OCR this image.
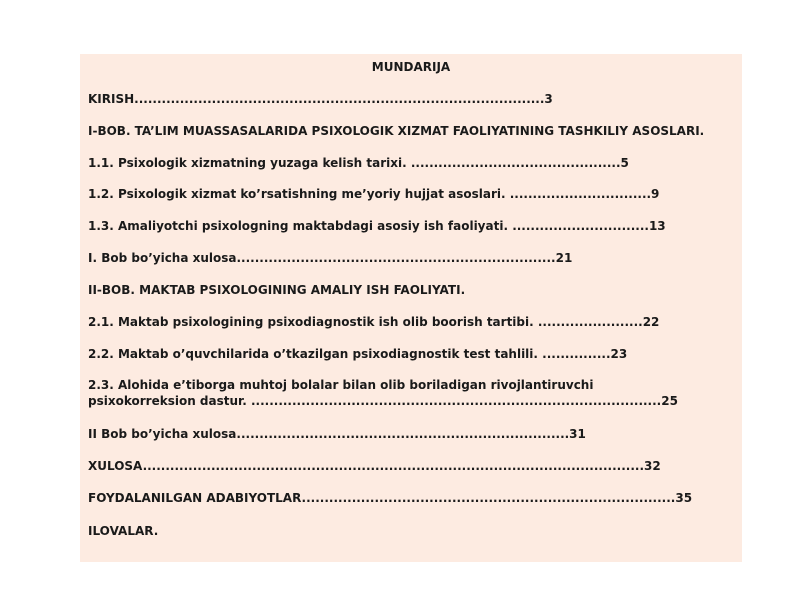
MUNDARIJA
KIRISH..........................................................................................3
I-BOB. TA’LIM MUASSASALARIDA PSIXOLOGIK XIZMAT FAOLIYATINING TASHKILIY ASOSLARI.
1.1. Psixologik xizmatning yuzaga kelish tarixi. ..............................................5
1.2. Psixologik xizmat ko’rsatishning me’yoriy hujjat asoslari. ...............................9
1.3. Amaliyotchi psixologning maktabdagi asosiy ish faoliyati. ..............................13
I. Bob bo’yicha xulosa......................................................................21
II-BOB. MAKTAB PSIXOLOGINING AMALIY ISH FAOLIYATI.
2.1. Maktab psixologining psixodiagnostik ish olib boorish tartibi. .......................22
2.2. Maktab o’quvchilarida o’tkazilgan psixodiagnostik test tahlili. ...............23
2.3. Alohida e’tiborga muhtoj bolalar bilan olib boriladigan rivojlantiruvchi psixokorreksion dastur. ..........................................................................................25
II Bob bo’yicha xulosa.........................................................................31
XULOSA..............................................................................................................32
FOYDALANILGAN ADABIYOTLAR..................................................................................35
ILOVALAR.
